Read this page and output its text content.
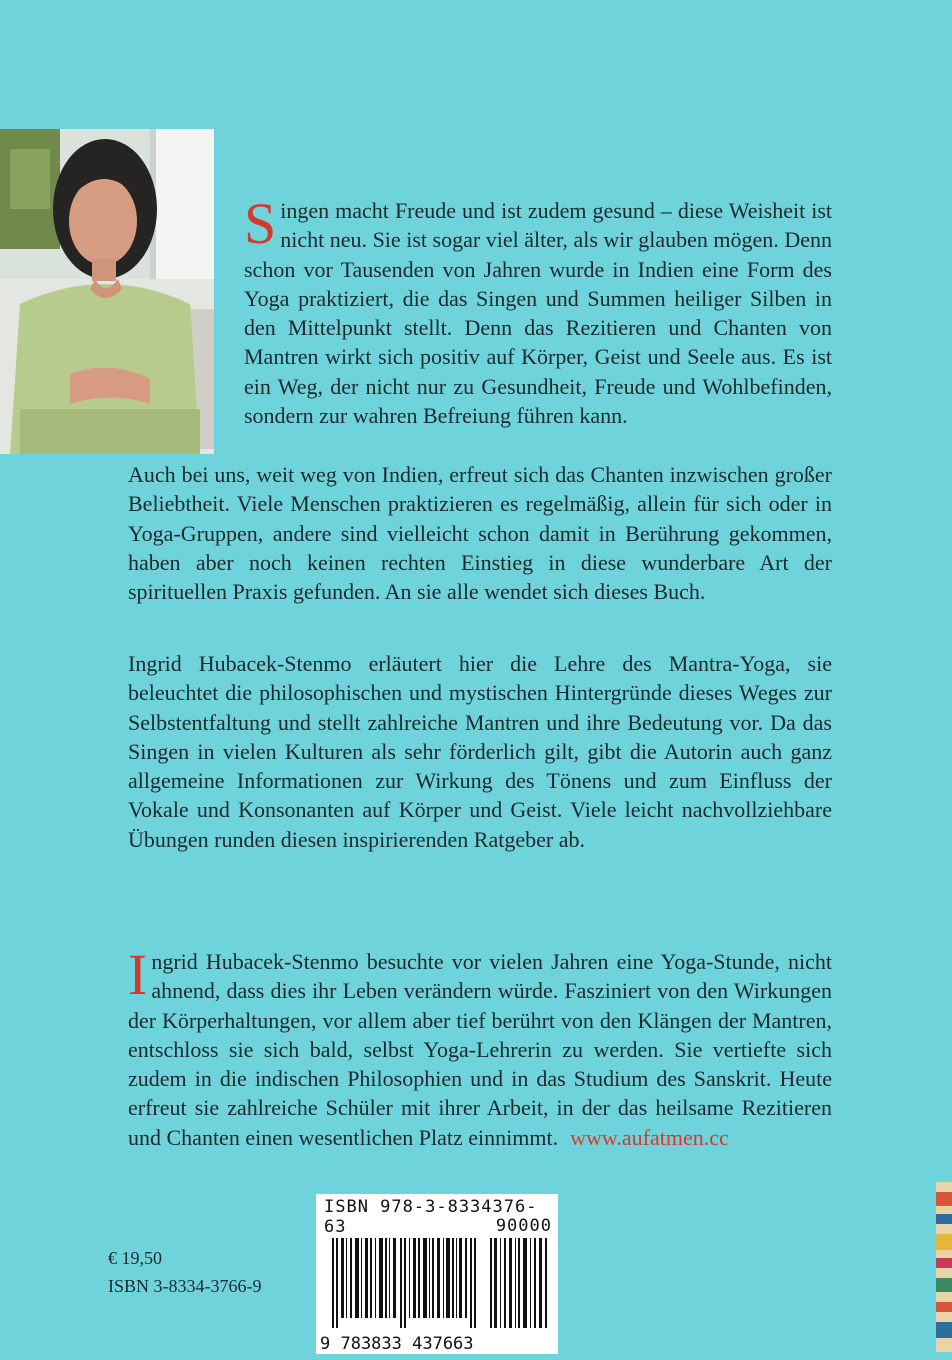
Singen macht Freude und ist zudem gesund – diese Weisheit ist nicht neu. Sie ist sogar viel älter, als wir glauben mögen. Denn schon vor Tausenden von Jahren wurde in Indien eine Form des Yoga praktiziert, die das Singen und Summen heiliger Silben in den Mittelpunkt stellt. Denn das Rezitieren und Chanten von Mantren wirkt sich positiv auf Körper, Geist und Seele aus. Es ist ein Weg, der nicht nur zu Gesundheit, Freude und Wohlbefinden, sondern zur wahren Befreiung führen kann.

Auch bei uns, weit weg von Indien, erfreut sich das Chanten inzwischen großer Beliebtheit. Viele Menschen praktizieren es regelmäßig, allein für sich oder in Yoga-Gruppen, andere sind vielleicht schon damit in Berührung gekommen, haben aber noch keinen rechten Einstieg in diese wunderbare Art der spirituellen Praxis gefunden. An sie alle wendet sich dieses Buch.

Ingrid Hubacek-Stenmo erläutert hier die Lehre des Mantra-Yoga, sie beleuchtet die philosophischen und mystischen Hintergründe dieses Weges zur Selbstentfaltung und stellt zahlreiche Mantren und ihre Bedeutung vor. Da das Singen in vielen Kulturen als sehr förderlich gilt, gibt die Autorin auch ganz allgemeine Informationen zur Wirkung des Tönens und zum Einfluss der Vokale und Konsonanten auf Körper und Geist. Viele leicht nachvollziehbare Übungen runden diesen inspirierenden Ratgeber ab.

Ingrid Hubacek-Stenmo besuchte vor vielen Jahren eine Yoga-Stunde, nicht ahnend, dass dies ihr Leben verändern würde. Fasziniert von den Wirkungen der Körperhaltungen, vor allem aber tief berührt von den Klängen der Mantren, entschloss sie sich bald, selbst Yoga-Lehrerin zu werden. Sie vertiefte sich zudem in die indischen Philosophien und in das Studium des Sanskrit. Heute erfreut sie zahlreiche Schüler mit ihrer Arbeit, in der das heilsame Rezitieren und Chanten einen wesentlichen Platz einnimmt. www.aufatmen.cc

€ 19,50

ISBN 3-8334-3766-9

ISBN 978-3-8334376-63	90000
9 783833 437663
